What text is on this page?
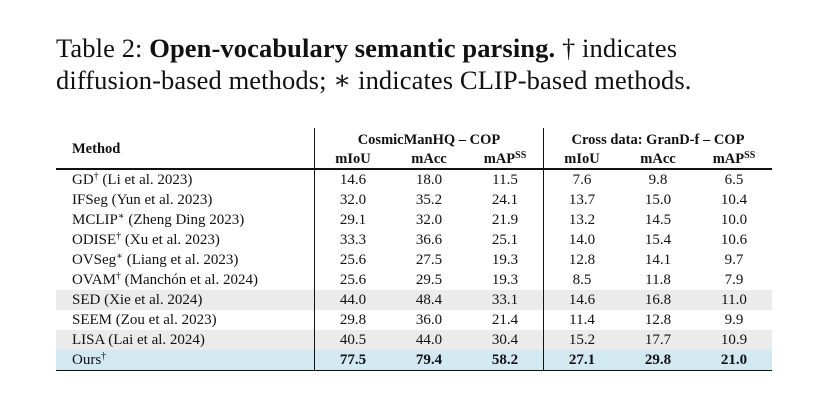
Table 2: Open-vocabulary semantic parsing. † indicates diffusion-based methods; ∗ indicates CLIP-based methods.
Method	CosmicManHQ – COP			Cross data: GranD-f – COP		
	mIoU	mAcc	mAP$^{SS}$	mIoU	mAcc	mAP$^{SS}$
GD† (Li et al. 2023)	14.6	18.0	11.5	7.6	9.8	6.5
IFSeg (Yun et al. 2023)	32.0	35.2	24.1	13.7	15.0	10.4
MCLIP∗ (Zheng Ding 2023)	29.1	32.0	21.9	13.2	14.5	10.0
ODISE† (Xu et al. 2023)	33.3	36.6	25.1	14.0	15.4	10.6
OVSeg∗ (Liang et al. 2023)	25.6	27.5	19.3	12.8	14.1	9.7
OVAM† (Manchón et al. 2024)	25.6	29.5	19.3	8.5	11.8	7.9
SED (Xie et al. 2024)	44.0	48.4	33.1	14.6	16.8	11.0
SEEM (Zou et al. 2023)	29.8	36.0	21.4	11.4	12.8	9.9
LISA (Lai et al. 2024)	40.5	44.0	30.4	15.2	17.7	10.9
Ours†	77.5	79.4	58.2	27.1	29.8	21.0
